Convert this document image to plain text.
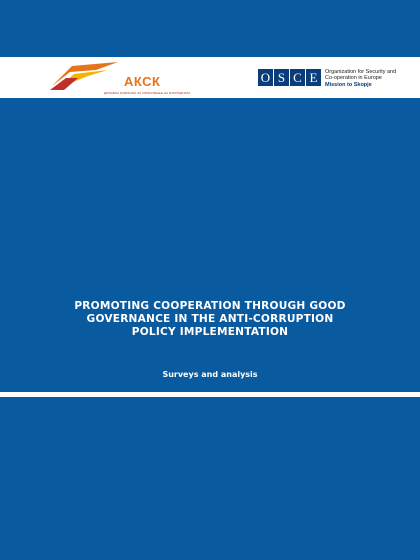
АКСК
ДРЖАВНА КОМИСИЈА ЗА СПРЕЧУВАЊЕ НА КОРУПЦИЈАТА
O S C E	Organization for Security and
Co-operation in Europe
Mission to Skopje
PROMOTING COOPERATION THROUGH GOOD
GOVERNANCE IN THE ANTI-CORRUPTION
POLICY IMPLEMENTATION
Surveys and analysis
